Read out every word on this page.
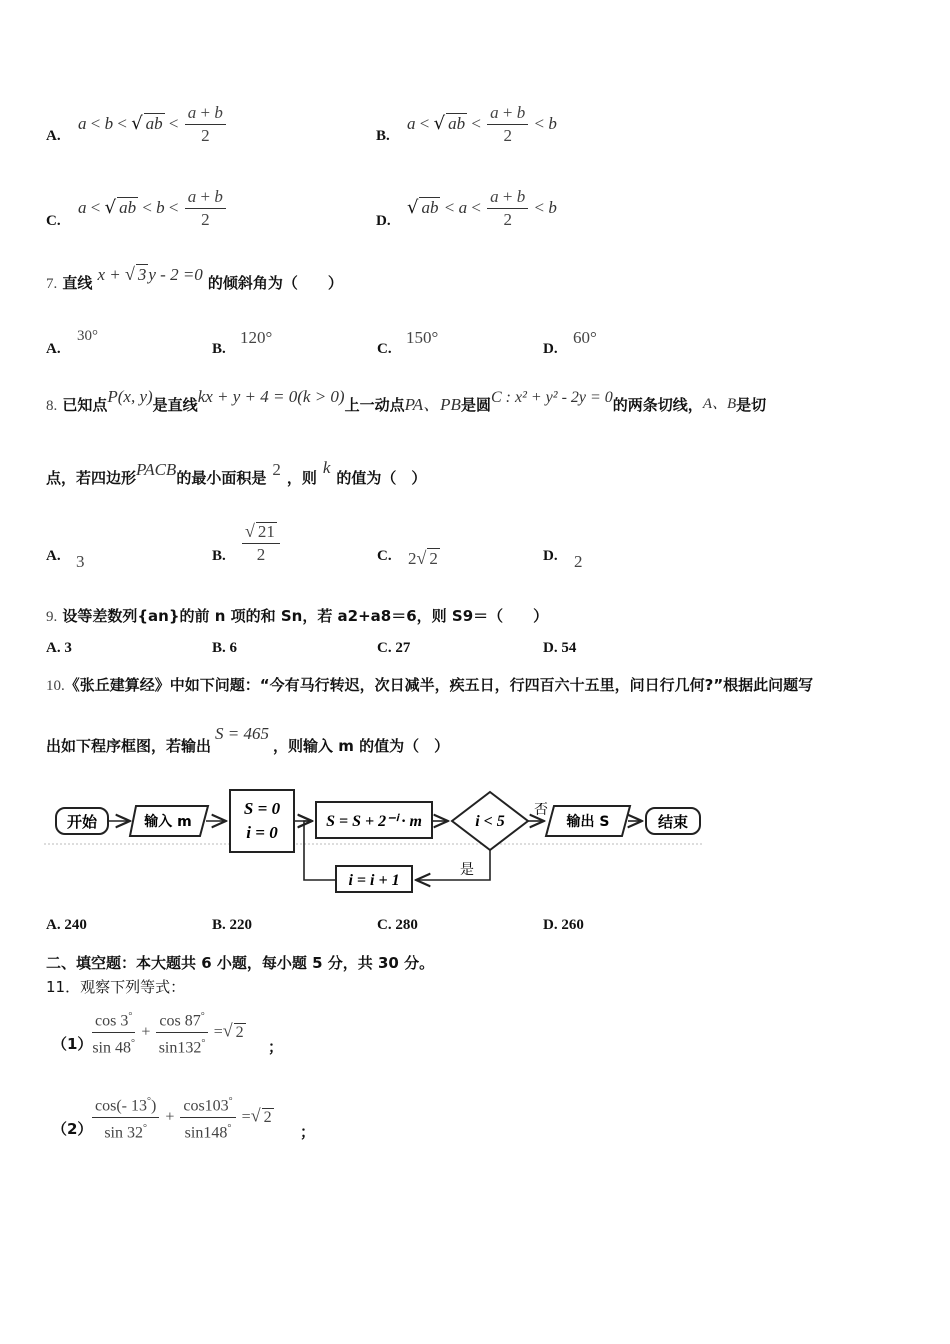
A.
a < b < √ ab < $\frac{a + b}{2}$	B.
a < √ ab < $\frac{a + b}{2} < b$
C.
a < √ ab < $b < \frac{a + b}{2}$	D.
√ ab < $a < \frac{a + b}{2} < b$
7. 直线 x + √ 3 y - 2 =0 的倾斜角为（　　）
A.
30°
B.
120°
C.
150°
D.
60°
8. 已知点P(x, y)是直线kx + y + 4 = 0(k > 0)上一动点PA、PB是圆C : x² + y² - 2y = 0的两条切线，A、B是切
点，若四边形PACB的最小面积是 2 ，则k的值为（　）
A. 3	B. $\frac{√ 21}{2}$	C. 2√ 2	D. 2
9. 设等差数列{an}的前 n 项的和 Sn，若 a2+a8＝6，则 S9＝（　　）
A. 3	B. 6	C. 27	D. 54
10.《张丘建算经》中如下问题：“今有马行转迟，次日减半，疾五日，行四百六十五里，问日行几何?”根据此问题写
出如下程序框图，若输出S = 465，则输入 m 的值为（　）
开始	输入 m
S = 0
i = 0
S = S + 2⁻ⁱ · m	i < 5
否
输出 S	结束
是
i = i + 1
A. 240	B. 220	C. 280	D. 260
二、填空题：本大题共 6 小题，每小题 5 分，共 30 分。
11．观察下列等式：
$(1) \frac{\cos 3^\circ}{\sin 48^\circ} + \frac{\cos 87^\circ}{\sin 132^\circ}$ =√ 2
；
$(2) \frac{\cos(- 13^\circ)}{\sin 32^\circ} + \frac{\cos 103^\circ}{\sin 148^\circ}$ =√ 2
；
